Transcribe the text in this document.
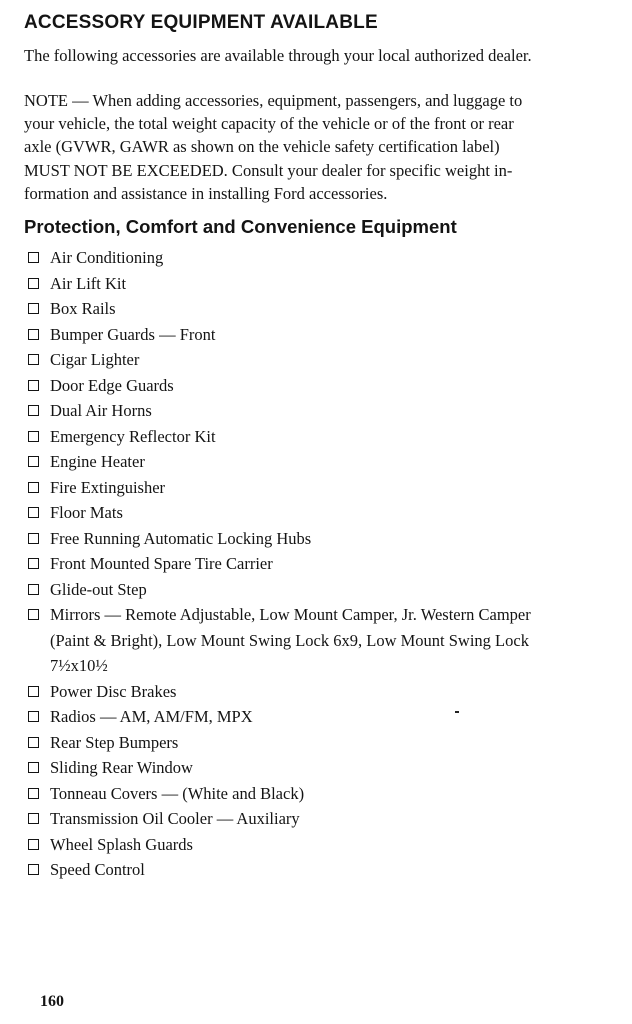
ACCESSORY EQUIPMENT AVAILABLE

The following accessories are available through your local authorized dealer.

NOTE — When adding accessories, equipment, passengers, and luggage to
your vehicle, the total weight capacity of the vehicle or of the front or rear
axle (GVWR, GAWR as shown on the vehicle safety certification label)
MUST NOT BE EXCEEDED. Consult your dealer for specific weight in-
formation and assistance in installing Ford accessories.

Protection, Comfort and Convenience Equipment
Air Conditioning
Air Lift Kit
Box Rails
Bumper Guards — Front
Cigar Lighter
Door Edge Guards
Dual Air Horns
Emergency Reflector Kit
Engine Heater
Fire Extinguisher
Floor Mats
Free Running Automatic Locking Hubs
Front Mounted Spare Tire Carrier
Glide-out Step
Mirrors — Remote Adjustable, Low Mount Camper, Jr. Western Camper
(Paint & Bright), Low Mount Swing Lock 6x9, Low Mount Swing Lock
7½x10½
Power Disc Brakes
Radios — AM, AM/FM, MPX
Rear Step Bumpers
Sliding Rear Window
Tonneau Covers — (White and Black)
Transmission Oil Cooler — Auxiliary
Wheel Splash Guards
Speed Control

160
